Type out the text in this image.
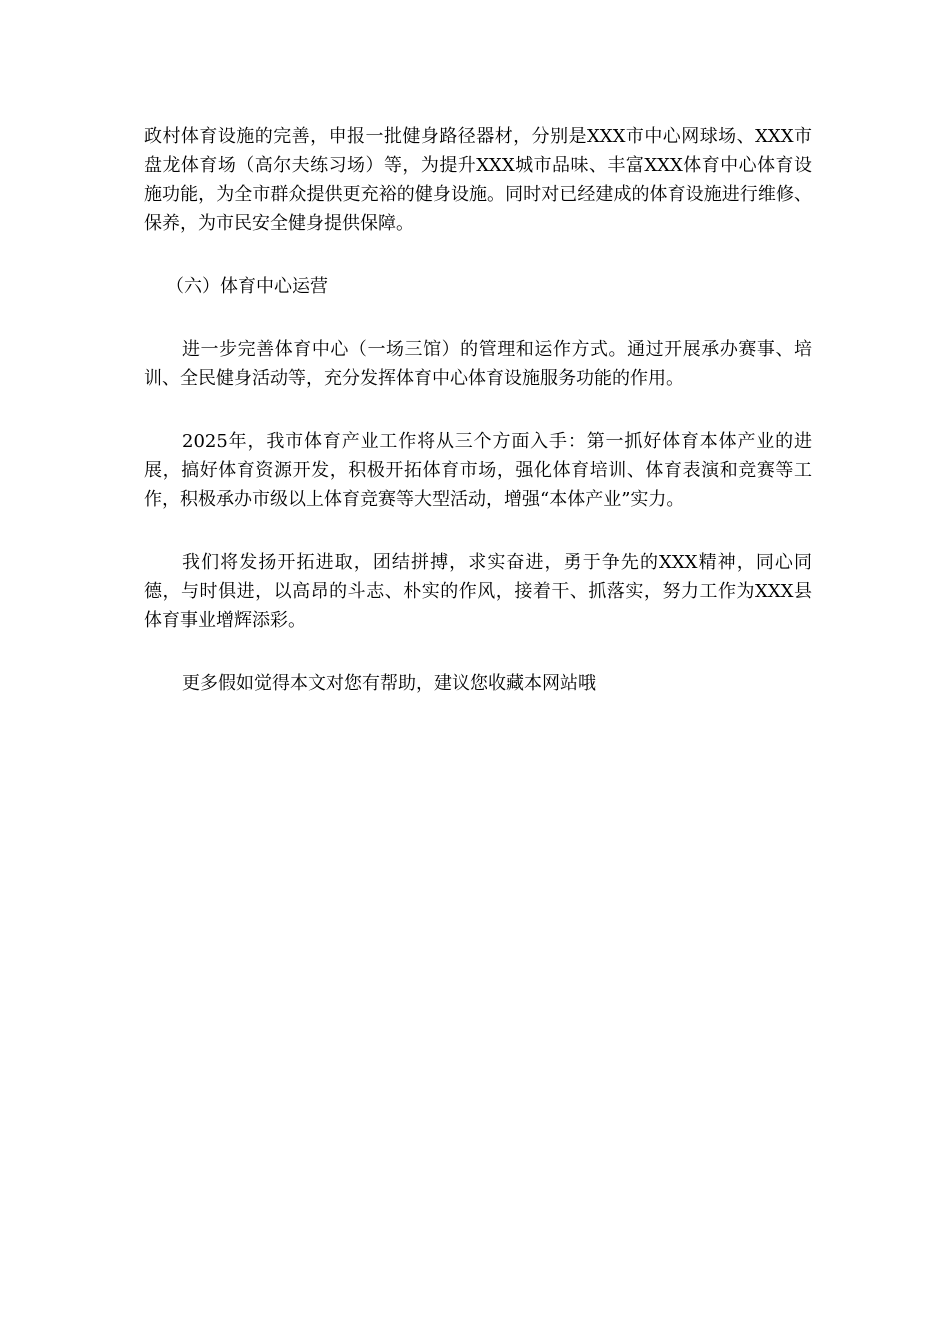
政村体育设施的完善，申报一批健身路径器材，分别是XXX市中心网球场、XXX市盘龙体育场（高尔夫练习场）等，为提升XXX城市品味、丰富XXX体育中心体育设施功能，为全市群众提供更充裕的健身设施。同时对已经建成的体育设施进行维修、保养，为市民安全健身提供保障。

（六）体育中心运营

进一步完善体育中心（一场三馆）的管理和运作方式。通过开展承办赛事、培训、全民健身活动等，充分发挥体育中心体育设施服务功能的作用。

2025年，我市体育产业工作将从三个方面入手：第一抓好体育本体产业的进展，搞好体育资源开发，积极开拓体育市场，强化体育培训、体育表演和竞赛等工作，积极承办市级以上体育竞赛等大型活动，增强“本体产业”实力。

我们将发扬开拓进取，团结拼搏，求实奋进，勇于争先的XXX精神，同心同德，与时俱进，以高昂的斗志、朴实的作风，接着干、抓落实，努力工作为XXX县体育事业增辉添彩。

更多假如觉得本文对您有帮助，建议您收藏本网站哦
